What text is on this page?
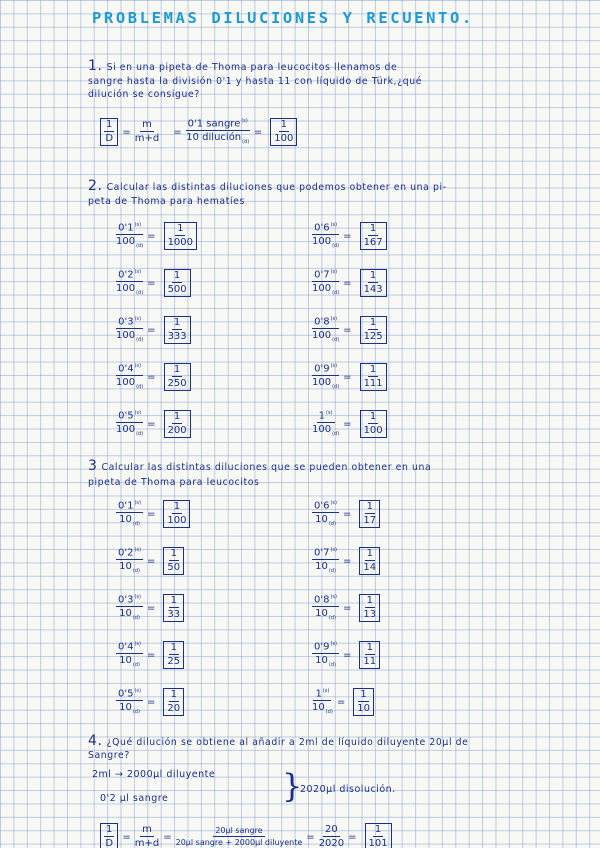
PROBLEMAS DILUCIONES Y RECUENTO.
1. Si en una pipeta de Thoma para leucocitos llenamos de
sangre hasta la división 0'1 y hasta 11 con líquido de Türk,¿qué
dilución se consigue?
$\frac{1}{D} = \frac{m}{m+d} = \frac{0'1 sangre^{(s)}}{10 dilución_{(d)}} = \frac{1}{100}$
2. Calcular las distintas diluciones que podemos obtener en una pi-
peta de Thoma para hematíes
$\frac{0'1^{(s)}}{100_{(d)}} = \frac{1}{1000}$
$\frac{0'2^{(s)}}{100_{(d)}} = \frac{1}{500}$
$\frac{0'3^{(s)}}{100_{(d)}} = \frac{1}{333}$
$\frac{0'4^{(s)}}{100_{(d)}} = \frac{1}{250}$
$\frac{0'5^{(s)}}{100_{(d)}} = \frac{1}{200}$
$\frac{0'6^{(s)}}{100_{(d)}} = \frac{1}{167}$
$\frac{0'7^{(s)}}{100_{(d)}} = \frac{1}{143}$
$\frac{0'8^{(s)}}{100_{(d)}} = \frac{1}{125}$
$\frac{0'9^{(s)}}{100_{(d)}} = \frac{1}{111}$
$\frac{1^{(s)}}{100_{(d)}} = \frac{1}{100}$
3 Calcular las distintas diluciones que se pueden obtener en una
pipeta de Thoma para leucocitos
$\frac{0'1^{(s)}}{10_{(d)}} = \frac{1}{100}$
$\frac{0'2^{(s)}}{10_{(d)}} = \frac{1}{50}$
$\frac{0'3^{(s)}}{10_{(d)}} = \frac{1}{33}$
$\frac{0'4^{(s)}}{10_{(d)}} = \frac{1}{25}$
$\frac{0'5^{(s)}}{10_{(d)}} = \frac{1}{20}$
$\frac{0'6^{(s)}}{10_{(d)}} = \frac{1}{17}$
$\frac{0'7^{(s)}}{10_{(d)}} = \frac{1}{14}$
$\frac{0'8^{(s)}}{10_{(d)}} = \frac{1}{13}$
$\frac{0'9^{(s)}}{10_{(d)}} = \frac{1}{11}$
$\frac{1^{(s)}}{10_{(d)}} = \frac{1}{10}$
4. ¿Qué dilución se obtiene al añadir a 2ml de líquido diluyente 20μl de
Sangre?
2ml → 2000μl diluyente
0'2 μl sangre	}
2020μl disolución.
$\frac{1}{D} = \frac{m}{m+d} = \frac{\text{20μl sangre}}{\text{20μl sangre + 2000μl diluyente}} = \frac{20}{2020} = \frac{1}{101}$
